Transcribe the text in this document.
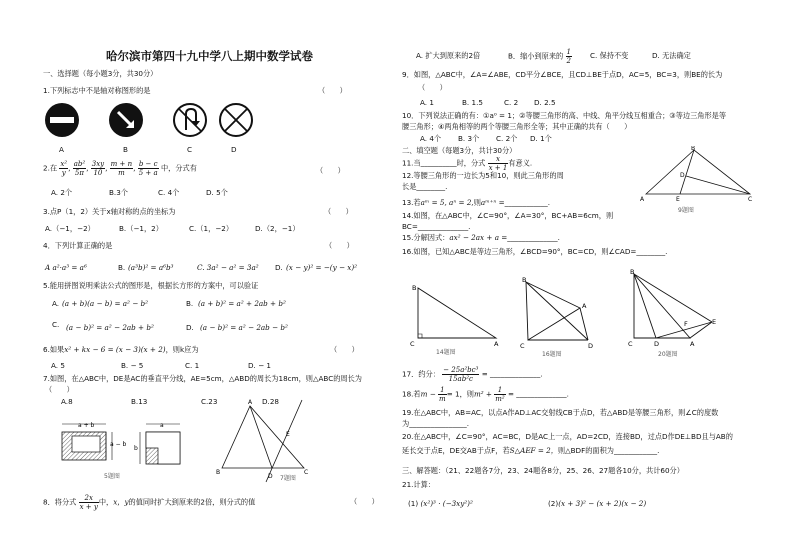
哈尔滨市第四十九中学八上期中数学试卷
一、选择题（每小题3分，共30分）
1.下列标志中不是轴对称图形的是	（　　）
A	B	C	D
2.在 $\frac{\text{x²}}{y}$ , $\frac{\text{ab²}}{5\pi}$ , $\frac{3xy}{10}$ , $\frac{m + n}{m}$ , $\frac{b - c}{5 + a}$ 中，分式有	（　　）
A. 2个	B.3个	C. 4个	D. 5个
3.点P（1，2）关于x轴对称的点的坐标为	（　　）
A.（−1，−2）	B.（−1，2）	C.（1，−2）	D.（2，−1）
4．下列计算正确的是	（　　）
A a²·a³ = a⁶	B. (a³b)² = a⁶b³	C. 3a² − a² = 3a² D. (x − y)² = −(y − x)²
5.能用拼图说明乘法公式的图形是，根据长方形的方案中，可以验证
A. (a + b)(a − b) = a² − b²	B. (a + b)² = a² + 2ab + b²
C. (a − b)² = a² − 2ab + b²	D. (a − b)² = a² − 2ab − b²
6.如果x² + kx − 6 = (x − 3)(x + 2)，则k应为	（　　）
A. 5	B. − 5	C. 1	D. − 1
7.如图，在△ABC中，DE是AC的垂直平分线，AE=5cm，△ABD的周长为18cm，则△ABC的周长为
（　　）
A.8	B.13	C.23	D.28
a + b
a − b
a
b
5题图
A
B	C
D
E
7题图
8．将分式 $\frac{2x}{x + y}$ 中，x，y的值同时扩大到原来的2倍，则分式的值	（　　）
A. 扩大到原来的2倍	B．缩小到原来的 $\frac{1}{2} C$. 保持不变	D. 无法确定
9．如图，△ABC中，∠A=∠ABE，CD平分∠BCE，且CD⊥BE于点D，AC=5，BC=3，则BE的长为
（　　）
A. 1	B. 1.5	C. 2 D. 2.5
10．下列说法正确的有：①a⁰ = 1；②等腰三角形的高、中线、角平分线互相重合；③等边三角形是等
腰三角形；④两角相等的两个等腰三角形全等；其中正确的共有（　　）
A. 4个 B. 3个 C. 2个 D. 1个
二、填空题（每题3分，共计30分）
11.当__________时，分式 $\frac{x}{x + 1}$ 有意义.
12.等腰三角形的一边长为5和10，则此三角形的周
长是________.
13.若aᵐ = 5, aⁿ = 2,则aᵐ⁺ⁿ =____________.
14.如图，在△ABC中，∠C=90°，∠A=30°，BC+AB=6cm，则
BC=______________.
15.分解因式：ax² − 2ax + a =______________.
16.如图，已知△ABC是等边三角形，∠BCD=90°，BC=CD，则∠CAD=________.
B
D
A	E	C
9题图
B
C	A
14题图
B
A
C	D
16题图
B
C	D	A
E
F
20题图
17．约分： $\frac{\text{− 25a²bc³}}{\text{15ab²c}}$ = ______________.
18.若$m - \frac{1}{m} = 1$，则$m^2 + \frac{1}{\text{m²}}$ = ______________.
19.在△ABC中，AB=AC，以点A作AD⊥AC交射线CB于点D，若△ABD是等腰三角形，则∠C的度数
为________________.
20.在△ABC中，∠C=90°，AC=BC，D是AC上一点，AD=2CD，连接BD，过点D作DE⊥BD且与AB的
延长交于点E，DE交AB于点F，若S△AEF = 2，则△BDF的面积为____________.
三、解答题：（21、22题各7分，23、24题各8分，25、26、27题各10分，共计60分）
21.计算：
(1) (x²)³ · (−3xy²)²	(2)(x + 3)² − (x + 2)(x − 2)
